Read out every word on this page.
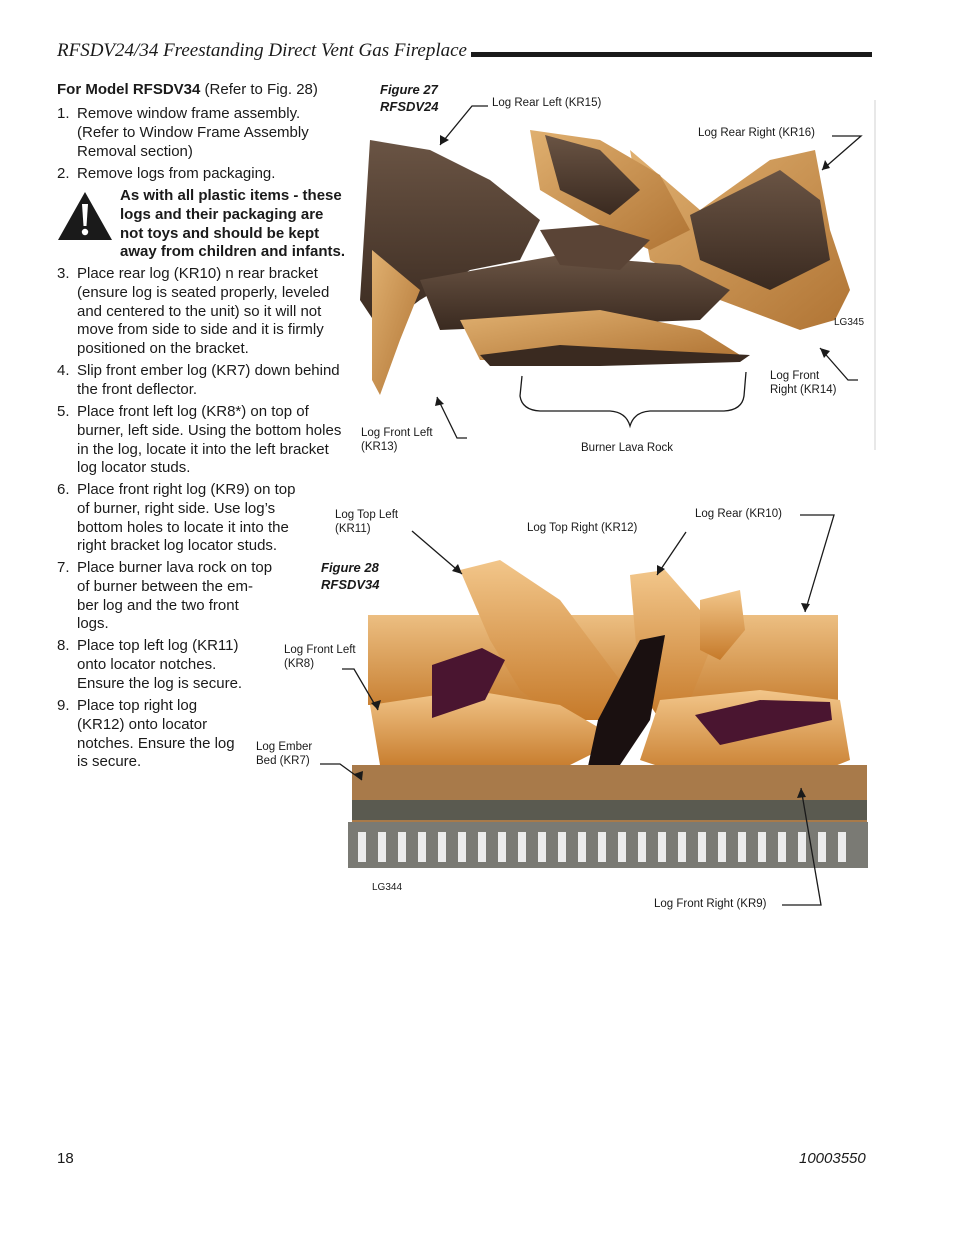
RFSDV24/34 Freestanding Direct Vent Gas Fireplace
For Model RFSDV34 (Refer to Fig. 28)
1. Remove window frame assembly.
(Refer to Window Frame Assembly
Removal section)
2. Remove logs from packaging.
As with all plastic items - these
logs and their packaging are
not toys and should be kept
away from children and infants.
3. Place rear log (KR10) n rear bracket
(ensure log is seated properly, leveled
and centered to the unit) so it will not
move from side to side and it is firmly
positioned on the bracket.
4. Slip front ember log (KR7) down behind
the front deflector.
5. Place front left log (KR8*) on top of
burner, left side. Using the bottom holes
in the log, locate it into the left bracket
log locator studs.
6. Place front right log (KR9) on top
of burner, right side. Use log’s
bottom holes to locate it into the
right bracket log locator studs.
7. Place burner lava rock on top
of burner between the em-
ber log and the two front
logs.
8. Place top left log (KR11)
onto locator notches.
Ensure the log is secure.
9. Place top right log
(KR12) onto locator
notches. Ensure the log
is secure.
Figure 27
RFSDV24	Log Rear Left (KR15)
Log Rear Right (KR16)
LG345
Log Front
Right (KR14)
Log Front Left
(KR13)	Burner Lava Rock
Log Top Left
(KR11)	Log Top Right (KR12)
Log Rear (KR10)
Figure 28
RFSDV34
Log Front Left
(KR8)
Log Ember
Bed (KR7)
LG344
Log Front Right (KR9)
18	10003550
